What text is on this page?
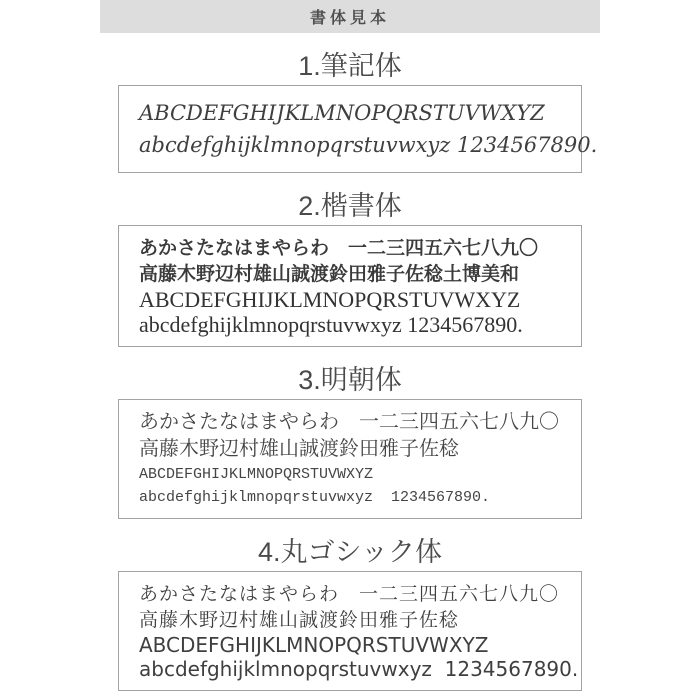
書体見本
1.筆記体
ABCDEFGHIJKLMNOPQRSTUVWXYZ
abcdefghijklmnopqrstuvwxyz 1234567890.
2.楷書体
あかさたなはまやらわ　一二三四五六七八九〇
高藤木野辺村雄山誠渡鈴田雅子佐稔土博美和
ABCDEFGHIJKLMNOPQRSTUVWXYZ
abcdefghijklmnopqrstuvwxyz 1234567890.
3.明朝体
あかさたなはまやらわ　一二三四五六七八九〇
高藤木野辺村雄山誠渡鈴田雅子佐稔
ABCDEFGHIJKLMNOPQRSTUVWXYZ
abcdefghijklmnopqrstuvwxyz  1234567890.
4.丸ゴシック体
あかさたなはまやらわ　一二三四五六七八九〇
高藤木野辺村雄山誠渡鈴田雅子佐稔
ABCDEFGHIJKLMNOPQRSTUVWXYZ
abcdefghijklmnopqrstuvwxyz  1234567890.
